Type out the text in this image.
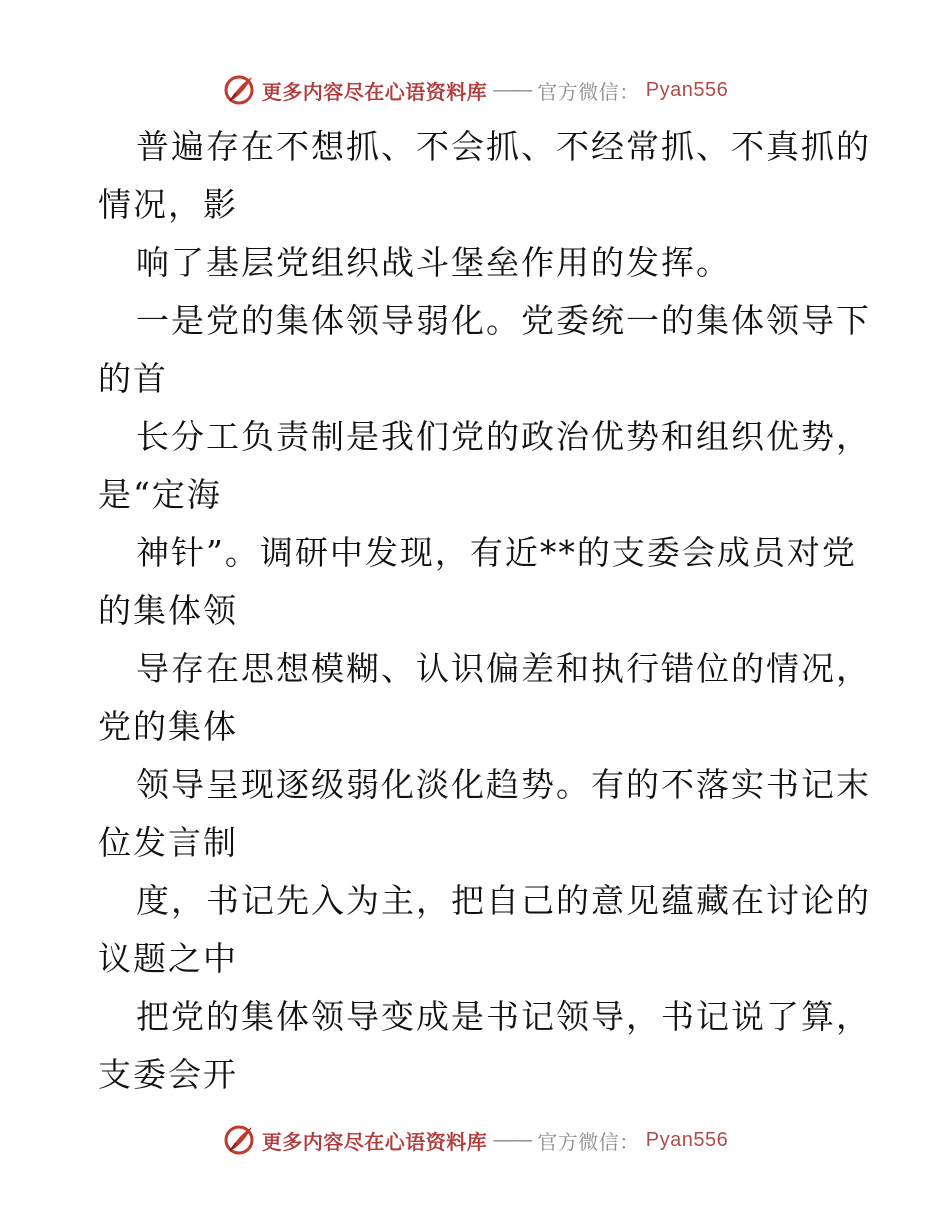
更多内容尽在心语资料库 —— 官方微信： Pyan556
普遍存在不想抓、不会抓、不经常抓、不真抓的
情况，影
响了基层党组织战斗堡垒作用的发挥。
一是党的集体领导弱化。党委统一的集体领导下
的首
长分工负责制是我们党的政治优势和组织优势，
是“定海
神针”。调研中发现，有近**的支委会成员对党
的集体领
导存在思想模糊、认识偏差和执行错位的情况，
党的集体
领导呈现逐级弱化淡化趋势。有的不落实书记末
位发言制
度，书记先入为主，把自己的意见蕴藏在讨论的
议题之中
把党的集体领导变成是书记领导，书记说了算，
支委会开
更多内容尽在心语资料库 —— 官方微信： Pyan556
